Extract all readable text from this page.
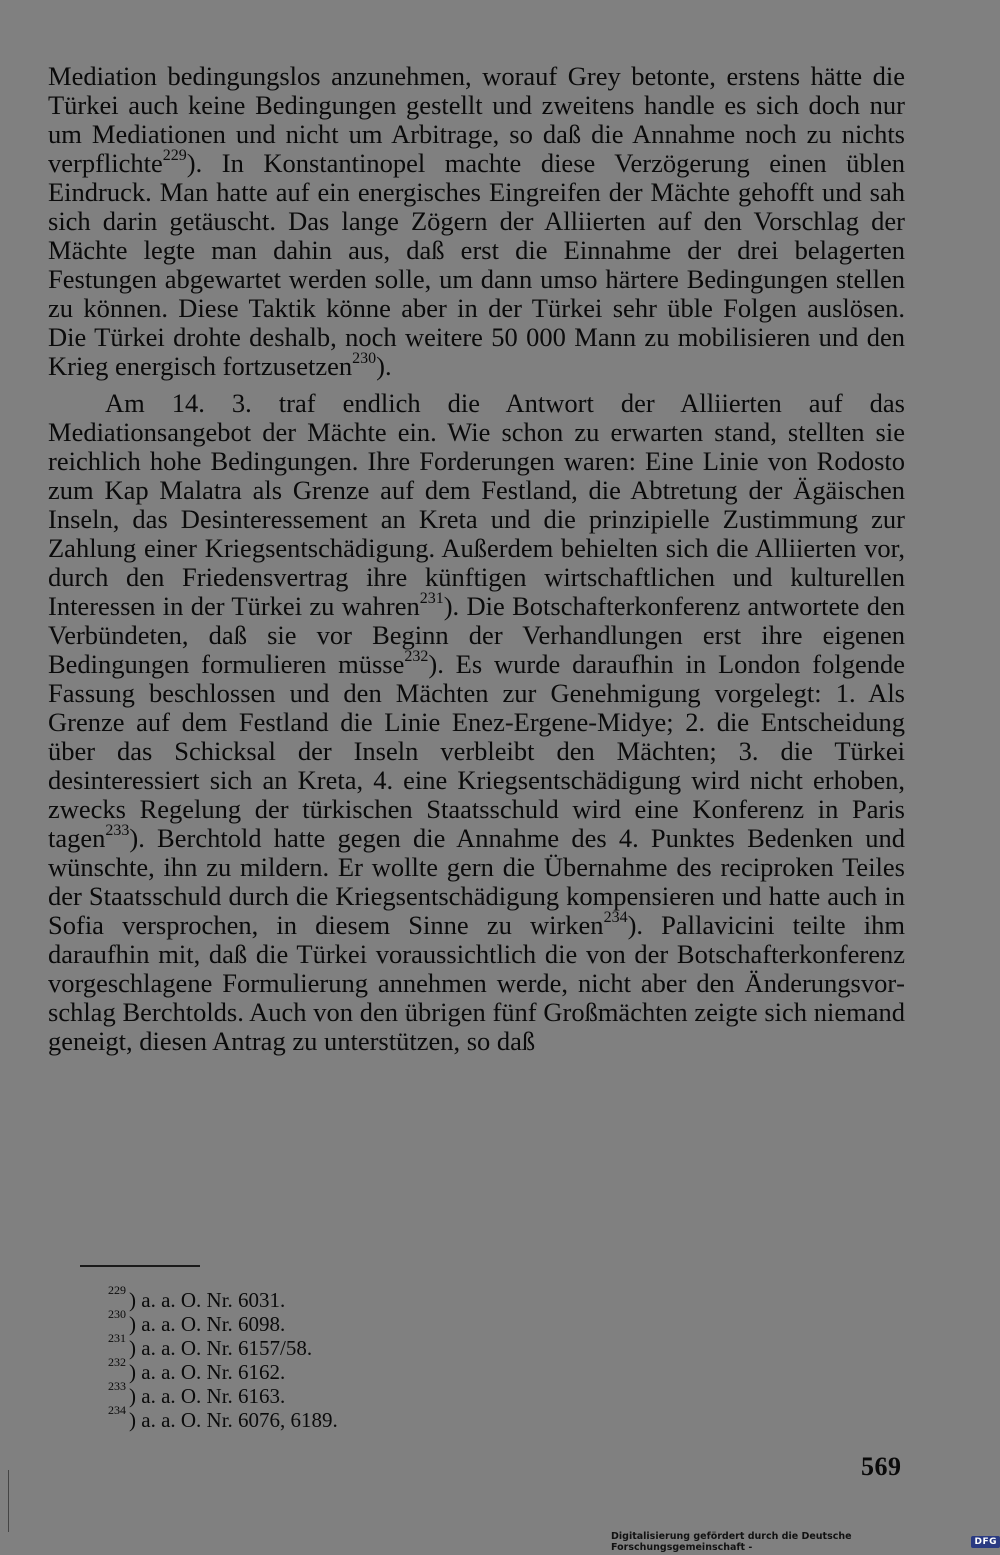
Mediation bedingungslos anzunehmen, worauf Grey betonte, erstens hätte die Türkei auch keine Bedingungen gestellt und zweitens handle es sich doch nur um Mediationen und nicht um Arbitrage, so daß die Annahme noch zu nichts verpflichte$^{229}$). In Konstantinopel machte diese Verzögerung einen üblen Eindruck. Man hatte auf ein energisches Eingreifen der Mächte gehofft und sah sich darin getäuscht. Das lange Zögern der Alliierten auf den Vorschlag der Mächte legte man dahin aus, daß erst die Einnahme der drei belagerten Festungen abgewartet werden solle, um dann umso härtere Bedingungen stellen zu können. Diese Taktik könne aber in der Türkei sehr üble Folgen auslösen. Die Türkei drohte deshalb, noch weitere 50 000 Mann zu mobilisieren und den Krieg energisch fortzusetzen$^{230}$).

Am 14. 3. traf endlich die Antwort der Alliierten auf das Mediationsangebot der Mächte ein. Wie schon zu erwarten stand, stellten sie reichlich hohe Bedingungen. Ihre Forderungen waren: Eine Linie von Rodosto zum Kap Malatra als Grenze auf dem Festland, die Abtretung der Ägäischen Inseln, das Desinteressement an Kreta und die prinzipielle Zustimmung zur Zahlung einer Kriegsentschädigung. Außerdem behielten sich die Alliierten vor, durch den Friedensvertrag ihre künftigen wirtschaftlichen und kulturellen Interessen in der Türkei zu wahren$^{231}$). Die Botschafterkonferenz antwortete den Verbündeten, daß sie vor Beginn der Verhandlungen erst ihre eigenen Bedingungen formulieren müsse$^{232}$). Es wurde daraufhin in London folgende Fassung beschlossen und den Mächten zur Genehmigung vorgelegt: 1. Als Grenze auf dem Festland die Linie Enez-Ergene-Midye; 2. die Entscheidung über das Schicksal der Inseln verbleibt den Mächten; 3. die Türkei desinteressiert sich an Kreta, 4. eine Kriegsentschädigung wird nicht erhoben, zwecks Regelung der türkischen Staatsschuld wird eine Konferenz in Paris tagen$^{233}$). Berchtold hatte gegen die Annahme des 4. Punktes Bedenken und wünschte, ihn zu mildern. Er wollte gern die Übernahme des reciproken Teiles der Staatsschuld durch die Kriegsentschädigung kompensieren und hatte auch in Sofia versprochen, in diesem Sinne zu wirken$^{234}$). Pallavicini teilte ihm daraufhin mit, daß die Türkei voraussichtlich die von der Botschafterkonferenz vorgeschlagene Formulierung annehmen werde, nicht aber den Änderungsvorschlag Berchtolds. Auch von den übrigen fünf Großmächten zeigte sich niemand geneigt, diesen Antrag zu unterstützen, so daß

$^{229}$ ) a. a. O. Nr. 6031.
$^{230}$ ) a. a. O. Nr. 6098.
$^{231}$ ) a. a. O. Nr. 6157/58.
$^{232}$ ) a. a. O. Nr. 6162.
$^{233}$ ) a. a. O. Nr. 6163.
$^{234}$ ) a. a. O. Nr. 6076, 6189.
569
Digitalisierung gefördert durch die Deutsche Forschungsgemeinschaft -	DFG
